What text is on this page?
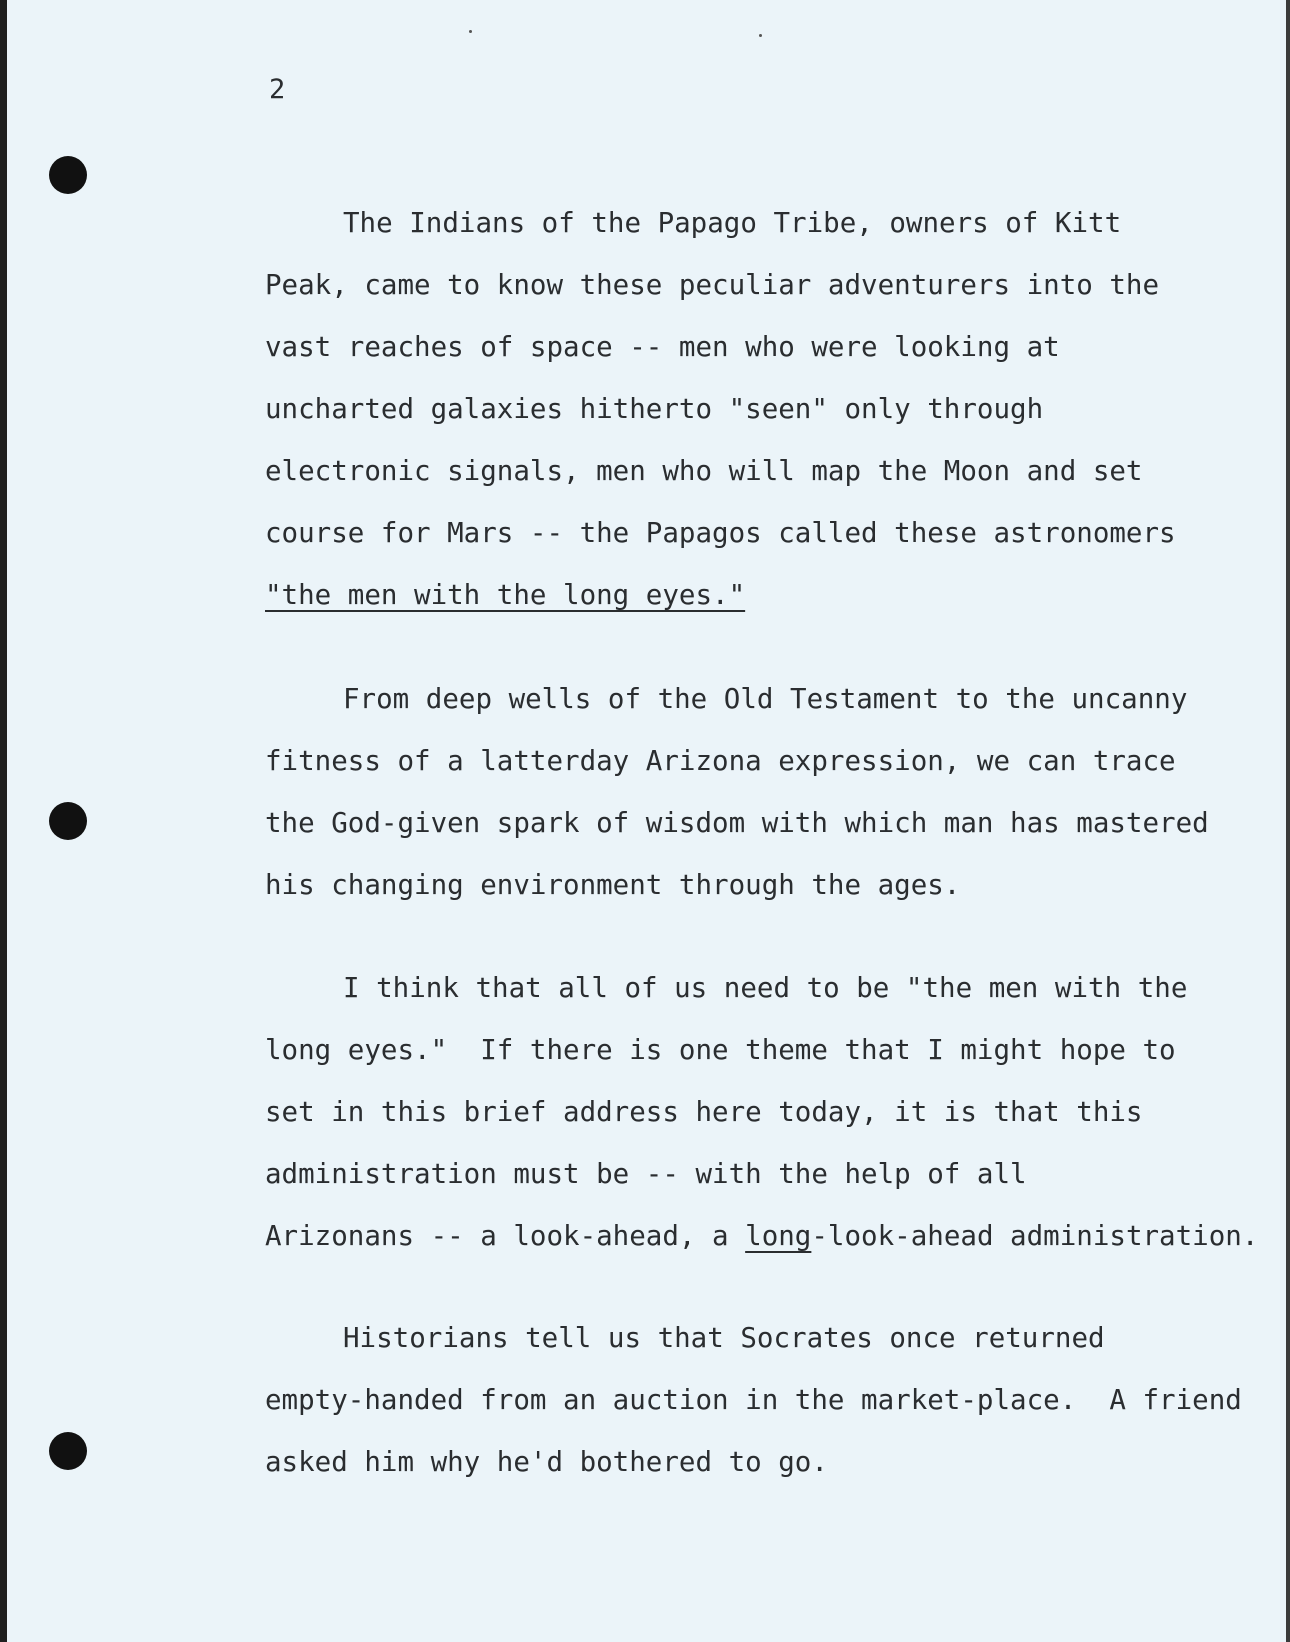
2
The Indians of the Papago Tribe, owners of Kitt
Peak, came to know these peculiar adventurers into the
vast reaches of space -- men who were looking at
uncharted galaxies hitherto "seen" only through
electronic signals, men who will map the Moon and set
course for Mars -- the Papagos called these astronomers
"the men with the long eyes."
From deep wells of the Old Testament to the uncanny
fitness of a latterday Arizona expression, we can trace
the God-given spark of wisdom with which man has mastered
his changing environment through the ages.
I think that all of us need to be "the men with the
long eyes."  If there is one theme that I might hope to
set in this brief address here today, it is that this
administration must be -- with the help of all
Arizonans -- a look-ahead, a long-look-ahead administration.
Historians tell us that Socrates once returned
empty-handed from an auction in the market-place.  A friend
asked him why he'd bothered to go.
